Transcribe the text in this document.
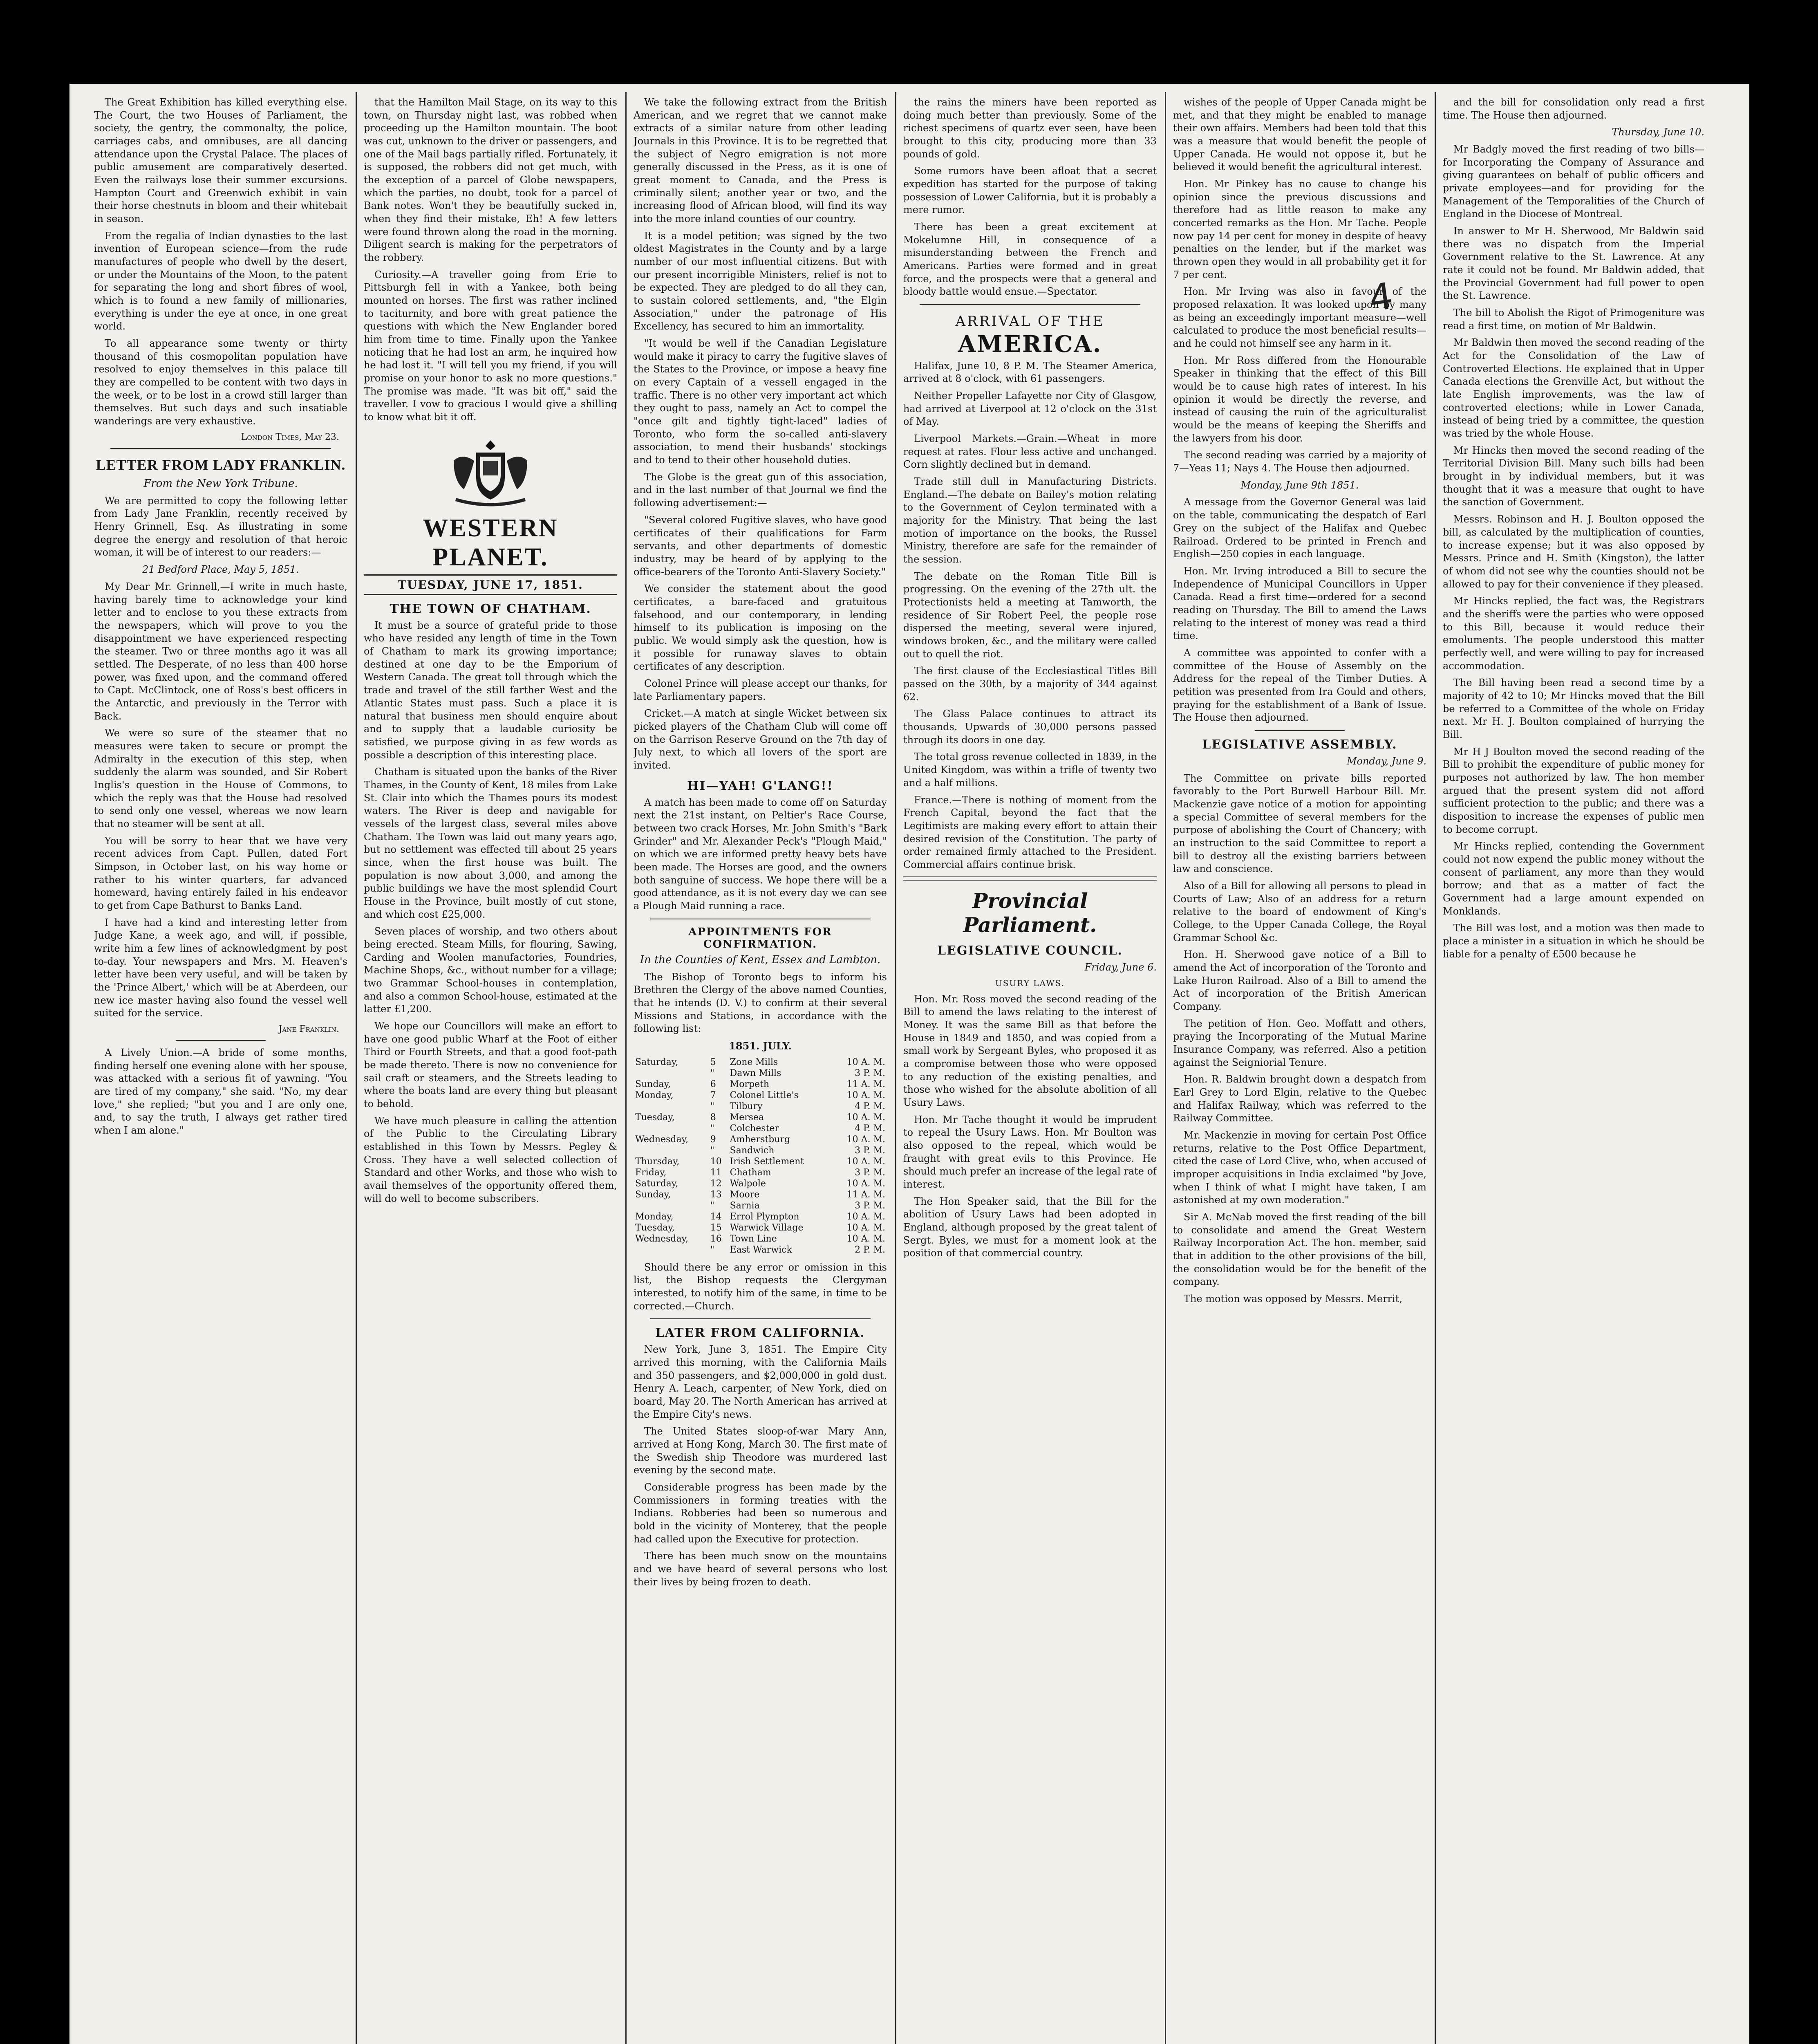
4

The Great Exhibition has killed everything else. The Court, the two Houses of Parliament, the society, the gentry, the commonalty, the police, carriages cabs, and omnibuses, are all dancing attendance upon the Crystal Palace. The places of public amusement are comparatively deserted. Even the railways lose their summer excursions. Hampton Court and Greenwich exhibit in vain their horse chestnuts in bloom and their whitebait in season.

From the regalia of Indian dynasties to the last invention of European science—from the rude manufactures of people who dwell by the desert, or under the Mountains of the Moon, to the patent for separating the long and short fibres of wool, which is to found a new family of millionaries, everything is under the eye at once, in one great world.

To all appearance some twenty or thirty thousand of this cosmopolitan population have resolved to enjoy themselves in this palace till they are compelled to be content with two days in the week, or to be lost in a crowd still larger than themselves. But such days and such insatiable wanderings are very exhaustive.

London Times, May 23.
LETTER FROM LADY FRANKLIN.
From the New York Tribune.

We are permitted to copy the following letter from Lady Jane Franklin, recently received by Henry Grinnell, Esq. As illustrating in some degree the energy and resolution of that heroic woman, it will be of interest to our readers:—

21 Bedford Place, May 5, 1851.

My Dear Mr. Grinnell,—I write in much haste, having barely time to acknowledge your kind letter and to enclose to you these extracts from the newspapers, which will prove to you the disappointment we have experienced respecting the steamer. Two or three months ago it was all settled. The Desperate, of no less than 400 horse power, was fixed upon, and the command offered to Capt. McClintock, one of Ross's best officers in the Antarctic, and previously in the Terror with Back.

We were so sure of the steamer that no measures were taken to secure or prompt the Admiralty in the execution of this step, when suddenly the alarm was sounded, and Sir Robert Inglis's question in the House of Commons, to which the reply was that the House had resolved to send only one vessel, whereas we now learn that no steamer will be sent at all.

You will be sorry to hear that we have very recent advices from Capt. Pullen, dated Fort Simpson, in October last, on his way home or rather to his winter quarters, far advanced homeward, having entirely failed in his endeavor to get from Cape Bathurst to Banks Land.

I have had a kind and interesting letter from Judge Kane, a week ago, and will, if possible, write him a few lines of acknowledgment by post to-day. Your newspapers and Mrs. M. Heaven's letter have been very useful, and will be taken by the 'Prince Albert,' which will be at Aberdeen, our new ice master having also found the vessel well suited for the service.

Jane Franklin.

A Lively Union.—A bride of some months, finding herself one evening alone with her spouse, was attacked with a serious fit of yawning. "You are tired of my company," she said. "No, my dear love," she replied; "but you and I are only one, and, to say the truth, I always get rather tired when I am alone."

that the Hamilton Mail Stage, on its way to this town, on Thursday night last, was robbed when proceeding up the Hamilton mountain. The boot was cut, unknown to the driver or passengers, and one of the Mail bags partially rifled. Fortunately, it is supposed, the robbers did not get much, with the exception of a parcel of Globe newspapers, which the parties, no doubt, took for a parcel of Bank notes. Won't they be beautifully sucked in, when they find their mistake, Eh! A few letters were found thrown along the road in the morning. Diligent search is making for the perpetrators of the robbery.

Curiosity.—A traveller going from Erie to Pittsburgh fell in with a Yankee, both being mounted on horses. The first was rather inclined to taciturnity, and bore with great patience the questions with which the New Englander bored him from time to time. Finally upon the Yankee noticing that he had lost an arm, he inquired how he had lost it. "I will tell you my friend, if you will promise on your honor to ask no more questions." The promise was made. "It was bit off," said the traveller. I vow to gracious I would give a shilling to know what bit it off.

WESTERN PLANET.
TUESDAY, JUNE 17, 1851.
THE TOWN OF CHATHAM.

It must be a source of grateful pride to those who have resided any length of time in the Town of Chatham to mark its growing importance; destined at one day to be the Emporium of Western Canada. The great toll through which the trade and travel of the still farther West and the Atlantic States must pass. Such a place it is natural that business men should enquire about and to supply that a laudable curiosity be satisfied, we purpose giving in as few words as possible a description of this interesting place.

Chatham is situated upon the banks of the River Thames, in the County of Kent, 18 miles from Lake St. Clair into which the Thames pours its modest waters. The River is deep and navigable for vessels of the largest class, several miles above Chatham. The Town was laid out many years ago, but no settlement was effected till about 25 years since, when the first house was built. The population is now about 3,000, and among the public buildings we have the most splendid Court House in the Province, built mostly of cut stone, and which cost £25,000.

Seven places of worship, and two others about being erected. Steam Mills, for flouring, Sawing, Carding and Woolen manufactories, Foundries, Machine Shops, &c., without number for a village; two Grammar School-houses in contemplation, and also a common School-house, estimated at the latter £1,200.

We hope our Councillors will make an effort to have one good public Wharf at the Foot of either Third or Fourth Streets, and that a good foot-path be made thereto. There is now no convenience for sail craft or steamers, and the Streets leading to where the boats land are every thing but pleasant to behold.

We have much pleasure in calling the attention of the Public to the Circulating Library established in this Town by Messrs. Pegley & Cross. They have a well selected collection of Standard and other Works, and those who wish to avail themselves of the opportunity offered them, will do well to become subscribers.

We take the following extract from the British American, and we regret that we cannot make extracts of a similar nature from other leading Journals in this Province. It is to be regretted that the subject of Negro emigration is not more generally discussed in the Press, as it is one of great moment to Canada, and the Press is criminally silent; another year or two, and the increasing flood of African blood, will find its way into the more inland counties of our country.

It is a model petition; was signed by the two oldest Magistrates in the County and by a large number of our most influential citizens. But with our present incorrigible Ministers, relief is not to be expected. They are pledged to do all they can, to sustain colored settlements, and, "the Elgin Association," under the patronage of His Excellency, has secured to him an immortality.

"It would be well if the Canadian Legislature would make it piracy to carry the fugitive slaves of the States to the Province, or impose a heavy fine on every Captain of a vessell engaged in the traffic. There is no other very important act which they ought to pass, namely an Act to compel the "once gilt and tightly tight-laced" ladies of Toronto, who form the so-called anti-slavery association, to mend their husbands' stockings and to tend to their other household duties.

The Globe is the great gun of this association, and in the last number of that Journal we find the following advertisement:—

"Several colored Fugitive slaves, who have good certificates of their qualifications for Farm servants, and other departments of domestic industry, may be heard of by applying to the office-bearers of the Toronto Anti-Slavery Society."

We consider the statement about the good certificates, a bare-faced and gratuitous falsehood, and our contemporary, in lending himself to its publication is imposing on the public. We would simply ask the question, how is it possible for runaway slaves to obtain certificates of any description.

Colonel Prince will please accept our thanks, for late Parliamentary papers.

Cricket.—A match at single Wicket between six picked players of the Chatham Club will come off on the Garrison Reserve Ground on the 7th day of July next, to which all lovers of the sport are invited.

HI—YAH! G'LANG!!

A match has been made to come off on Saturday next the 21st instant, on Peltier's Race Course, between two crack Horses, Mr. John Smith's "Bark Grinder" and Mr. Alexander Peck's "Plough Maid," on which we are informed pretty heavy bets have been made. The Horses are good, and the owners both sanguine of success. We hope there will be a good attendance, as it is not every day we can see a Plough Maid running a race.

APPOINTMENTS FOR CONFIRMATION.
In the Counties of Kent, Essex and Lambton.

The Bishop of Toronto begs to inform his Brethren the Clergy of the above named Counties, that he intends (D. V.) to confirm at their several Missions and Stations, in accordance with the following list:

1851. JULY.

Saturday,	5	Zone Mills	10 A. M.
	"	Dawn Mills	3 P. M.
Sunday,	6	Morpeth	11 A. M.
Monday,	7	Colonel Little's	10 A. M.
	"	Tilbury	4 P. M.
Tuesday,	8	Mersea	10 A. M.
	"	Colchester	4 P. M.
Wednesday,	9	Amherstburg	10 A. M.
	"	Sandwich	3 P. M.
Thursday,	10	Irish Settlement	10 A. M.
Friday,	11	Chatham	3 P. M.
Saturday,	12	Walpole	10 A. M.
Sunday,	13	Moore	11 A. M.
	"	Sarnia	3 P. M.
Monday,	14	Errol Plympton	10 A. M.
Tuesday,	15	Warwick Village	10 A. M.
Wednesday,	16	Town Line	10 A. M.
	"	East Warwick	2 P. M.

Should there be any error or omission in this list, the Bishop requests the Clergyman interested, to notify him of the same, in time to be corrected.—Church.

LATER FROM CALIFORNIA.

New York, June 3, 1851. The Empire City arrived this morning, with the California Mails and 350 passengers, and $2,000,000 in gold dust. Henry A. Leach, carpenter, of New York, died on board, May 20. The North American has arrived at the Empire City's news.

The United States sloop-of-war Mary Ann, arrived at Hong Kong, March 30. The first mate of the Swedish ship Theodore was murdered last evening by the second mate.

Considerable progress has been made by the Commissioners in forming treaties with the Indians. Robberies had been so numerous and bold in the vicinity of Monterey, that the people had called upon the Executive for protection.

There has been much snow on the mountains and we have heard of several persons who lost their lives by being frozen to death.

the rains the miners have been reported as doing much better than previously. Some of the richest specimens of quartz ever seen, have been brought to this city, producing more than 33 pounds of gold.

Some rumors have been afloat that a secret expedition has started for the purpose of taking possession of Lower California, but it is probably a mere rumor.

There has been a great excitement at Mokelumne Hill, in consequence of a misunderstanding between the French and Americans. Parties were formed and in great force, and the prospects were that a general and bloody battle would ensue.—Spectator.

ARRIVAL OF THE
AMERICA.

Halifax, June 10, 8 P. M. The Steamer America, arrived at 8 o'clock, with 61 passengers.

Neither Propeller Lafayette nor City of Glasgow, had arrived at Liverpool at 12 o'clock on the 31st of May.

Liverpool Markets.—Grain.—Wheat in more request at rates. Flour less active and unchanged. Corn slightly declined but in demand.

Trade still dull in Manufacturing Districts. England.—The debate on Bailey's motion relating to the Government of Ceylon terminated with a majority for the Ministry. That being the last motion of importance on the books, the Russel Ministry, therefore are safe for the remainder of the session.

The debate on the Roman Title Bill is progressing. On the evening of the 27th ult. the Protectionists held a meeting at Tamworth, the residence of Sir Robert Peel, the people rose dispersed the meeting, several were injured, windows broken, &c., and the military were called out to quell the riot.

The first clause of the Ecclesiastical Titles Bill passed on the 30th, by a majority of 344 against 62.

The Glass Palace continues to attract its thousands. Upwards of 30,000 persons passed through its doors in one day.

The total gross revenue collected in 1839, in the United Kingdom, was within a trifle of twenty two and a half millions.

France.—There is nothing of moment from the French Capital, beyond the fact that the Legitimists are making every effort to attain their desired revision of the Constitution. The party of order remained firmly attached to the President. Commercial affairs continue brisk.

Provincial Parliament.
LEGISLATIVE COUNCIL.

Friday, June 6.

USURY LAWS.

Hon. Mr. Ross moved the second reading of the Bill to amend the laws relating to the interest of Money. It was the same Bill as that before the House in 1849 and 1850, and was copied from a small work by Sergeant Byles, who proposed it as a compromise between those who were opposed to any reduction of the existing penalties, and those who wished for the absolute abolition of all Usury Laws.

Hon. Mr Tache thought it would be imprudent to repeal the Usury Laws. Hon. Mr Boulton was also opposed to the repeal, which would be fraught with great evils to this Province. He should much prefer an increase of the legal rate of interest.

The Hon Speaker said, that the Bill for the abolition of Usury Laws had been adopted in England, although proposed by the great talent of Sergt. Byles, we must for a moment look at the position of that commercial country.

wishes of the people of Upper Canada might be met, and that they might be enabled to manage their own affairs. Members had been told that this was a measure that would benefit the people of Upper Canada. He would not oppose it, but he believed it would benefit the agricultural interest.

Hon. Mr Pinkey has no cause to change his opinion since the previous discussions and therefore had as little reason to make any concerted remarks as the Hon. Mr Tache. People now pay 14 per cent for money in despite of heavy penalties on the lender, but if the market was thrown open they would in all probability get it for 7 per cent.

Hon. Mr Irving was also in favour of the proposed relaxation. It was looked upon by many as being an exceedingly important measure—well calculated to produce the most beneficial results—and he could not himself see any harm in it.

Hon. Mr Ross differed from the Honourable Speaker in thinking that the effect of this Bill would be to cause high rates of interest. In his opinion it would be directly the reverse, and instead of causing the ruin of the agriculturalist would be the means of keeping the Sheriffs and the lawyers from his door.

The second reading was carried by a majority of 7—Yeas 11; Nays 4. The House then adjourned.

Monday, June 9th 1851.

A message from the Governor General was laid on the table, communicating the despatch of Earl Grey on the subject of the Halifax and Quebec Railroad. Ordered to be printed in French and English—250 copies in each language.

Hon. Mr. Irving introduced a Bill to secure the Independence of Municipal Councillors in Upper Canada. Read a first time—ordered for a second reading on Thursday. The Bill to amend the Laws relating to the interest of money was read a third time.

A committee was appointed to confer with a committee of the House of Assembly on the Address for the repeal of the Timber Duties. A petition was presented from Ira Gould and others, praying for the establishment of a Bank of Issue. The House then adjourned.

LEGISLATIVE ASSEMBLY.

Monday, June 9.

The Committee on private bills reported favorably to the Port Burwell Harbour Bill. Mr. Mackenzie gave notice of a motion for appointing a special Committee of several members for the purpose of abolishing the Court of Chancery; with an instruction to the said Committee to report a bill to destroy all the existing barriers between law and conscience.

Also of a Bill for allowing all persons to plead in Courts of Law; Also of an address for a return relative to the board of endowment of King's College, to the Upper Canada College, the Royal Grammar School &c.

Hon. H. Sherwood gave notice of a Bill to amend the Act of incorporation of the Toronto and Lake Huron Railroad. Also of a Bill to amend the Act of incorporation of the British American Company.

The petition of Hon. Geo. Moffatt and others, praying the Incorporating of the Mutual Marine Insurance Company, was referred. Also a petition against the Seigniorial Tenure.

Hon. R. Baldwin brought down a despatch from Earl Grey to Lord Elgin, relative to the Quebec and Halifax Railway, which was referred to the Railway Committee.

Mr. Mackenzie in moving for certain Post Office returns, relative to the Post Office Department, cited the case of Lord Clive, who, when accused of improper acquisitions in India exclaimed "by Jove, when I think of what I might have taken, I am astonished at my own moderation."

Sir A. McNab moved the first reading of the bill to consolidate and amend the Great Western Railway Incorporation Act. The hon. member, said that in addition to the other provisions of the bill, the consolidation would be for the benefit of the company.

The motion was opposed by Messrs. Merrit,

and the bill for consolidation only read a first time. The House then adjourned.

Thursday, June 10.

Mr Badgly moved the first reading of two bills—for Incorporating the Company of Assurance and giving guarantees on behalf of public officers and private employees—and for providing for the Management of the Temporalities of the Church of England in the Diocese of Montreal.

In answer to Mr H. Sherwood, Mr Baldwin said there was no dispatch from the Imperial Government relative to the St. Lawrence. At any rate it could not be found. Mr Baldwin added, that the Provincial Government had full power to open the St. Lawrence.

The bill to Abolish the Rigot of Primogeniture was read a first time, on motion of Mr Baldwin.

Mr Baldwin then moved the second reading of the Act for the Consolidation of the Law of Controverted Elections. He explained that in Upper Canada elections the Grenville Act, but without the late English improvements, was the law of controverted elections; while in Lower Canada, instead of being tried by a committee, the question was tried by the whole House.

Mr Hincks then moved the second reading of the Territorial Division Bill. Many such bills had been brought in by individual members, but it was thought that it was a measure that ought to have the sanction of Government.

Messrs. Robinson and H. J. Boulton opposed the bill, as calculated by the multiplication of counties, to increase expense; but it was also opposed by Messrs. Prince and H. Smith (Kingston), the latter of whom did not see why the counties should not be allowed to pay for their convenience if they pleased.

Mr Hincks replied, the fact was, the Registrars and the sheriffs were the parties who were opposed to this Bill, because it would reduce their emoluments. The people understood this matter perfectly well, and were willing to pay for increased accommodation.

The Bill having been read a second time by a majority of 42 to 10; Mr Hincks moved that the Bill be referred to a Committee of the whole on Friday next. Mr H. J. Boulton complained of hurrying the Bill.

Mr H J Boulton moved the second reading of the Bill to prohibit the expenditure of public money for purposes not authorized by law. The hon member argued that the present system did not afford sufficient protection to the public; and there was a disposition to increase the expenses of public men to become corrupt.

Mr Hincks replied, contending the Government could not now expend the public money without the consent of parliament, any more than they would borrow; and that as a matter of fact the Government had a large amount expended on Monklands.

The Bill was lost, and a motion was then made to place a minister in a situation in which he should be liable for a penalty of £500 because he
